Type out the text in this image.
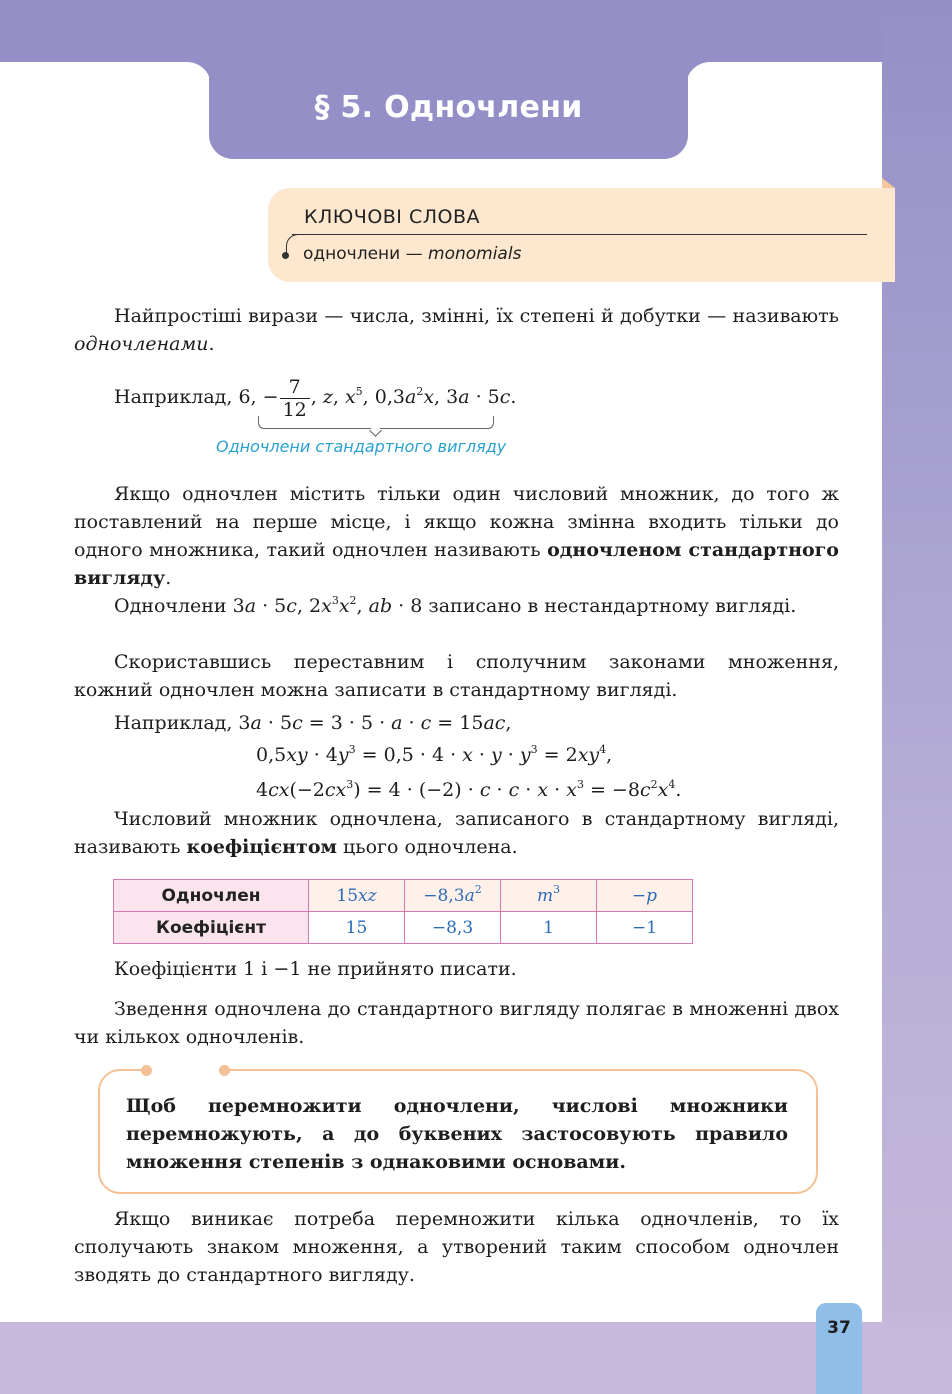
§ 5. Одночлени
КЛЮЧОВІ СЛОВА
одночлени — monomials
Найпростіші вирази — числа, змінні, їх степені й добутки — називають одночленами.
Наприклад, 6, − $\frac{7}{12}$ , z, $x^5$, $0,3a^2x$, 3a · 5c.
Одночлени стандартного вигляду
Якщо одночлен містить тільки один числовий множник, до того ж поставлений на перше місце, і якщо кожна змінна входить тільки до одного множника, такий одночлен називають одночленом стандартного вигляду.
Одночлени 3a · 5c, $2x^3x^2$, ab · 8 записано в нестандартному вигляді.
Скориставшись переставним і сполучним законами множення, кожний одночлен можна записати в стандартному вигляді.
Наприклад, 3a · 5c = 3 · 5 · a · c = 15ac,
$0,5xy \cdot 4y^3 = 0,5 \cdot 4 \cdot x \cdot y \cdot y^3 = 2xy^4$,
$4cx(-2cx^3) = 4 \cdot (-2) \cdot c \cdot c \cdot x \cdot x^3 = -8c^2x^4$.
Числовий множник одночлена, записаного в стандартному вигляді, називають коефіцієнтом цього одночлена.
Одночлен	15xz	$-8,3a^2$	$m^3$	−p
Коефіцієнт	15	−8,3	1	−1
Коефіцієнти 1 і −1 не прийнято писати.
Зведення одночлена до стандартного вигляду полягає в множенні двох чи кількох одночленів.
Щоб перемножити одночлени, числові множники перемножують, а до буквених застосовують правило множення степенів з однаковими основами.
Якщо виникає потреба перемножити кілька одночленів, то їх сполучають знаком множення, а утворений таким способом одночлен зводять до стандартного вигляду.
37
